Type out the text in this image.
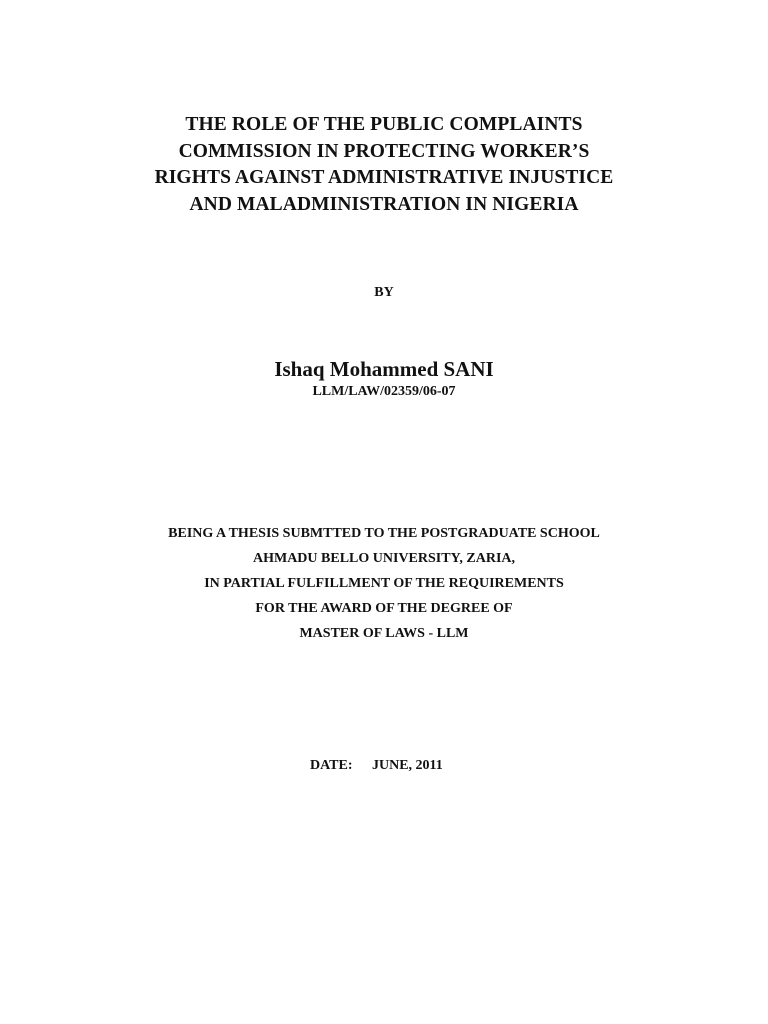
THE ROLE OF THE PUBLIC COMPLAINTS
COMMISSION IN PROTECTING WORKER’S
RIGHTS AGAINST ADMINISTRATIVE INJUSTICE
AND MALADMINISTRATION IN NIGERIA
BY
Ishaq Mohammed SANI
LLM/LAW/02359/06-07
BEING A THESIS SUBMTTED TO THE POSTGRADUATE SCHOOL
AHMADU BELLO UNIVERSITY, ZARIA,
IN PARTIAL FULFILLMENT OF THE REQUIREMENTS
FOR THE AWARD OF THE DEGREE OF
MASTER OF LAWS - LLM
DATE: JUNE, 2011
